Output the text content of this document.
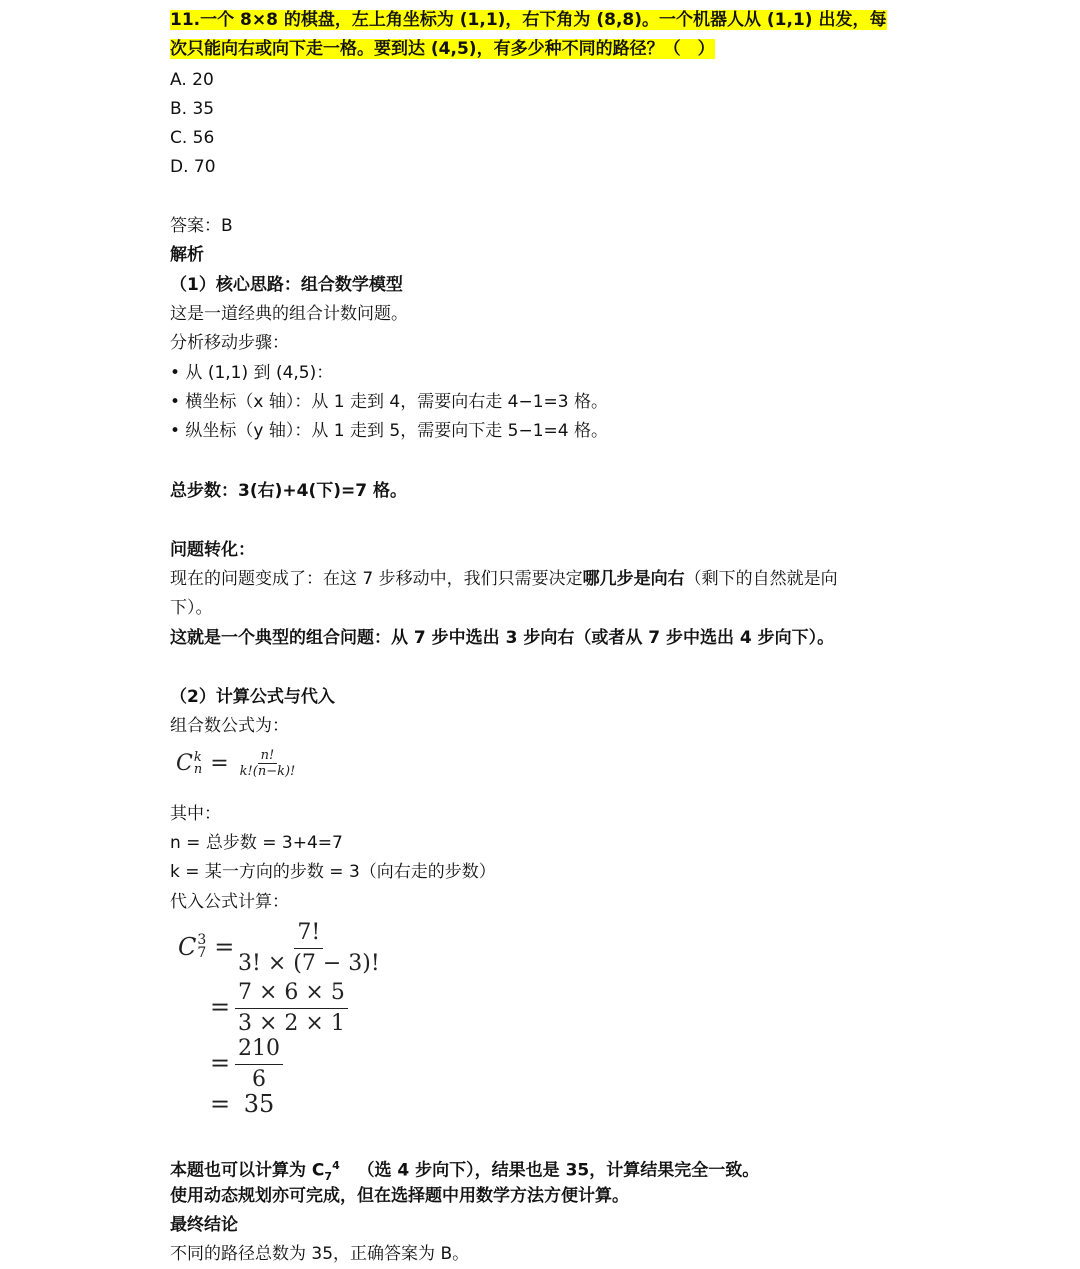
11.一个 8×8 的棋盘，左上角坐标为 (1,1)，右下角为 (8,8)。一个机器人从 (1,1) 出发，每
次只能向右或向下走一格。要到达 (4,5)，有多少种不同的路径？（　）
A. 20
B. 35
C. 56
D. 70
答案：B
解析
（1）核心思路：组合数学模型
这是一道经典的组合计数问题。
分析移动步骤：
• 从 (1,1) 到 (4,5)：
• 横坐标（x 轴）：从 1 走到 4，需要向右走 4−1=3 格。
• 纵坐标（y 轴）：从 1 走到 5，需要向下走 5−1=4 格。
总步数：3(右)+4(下)=7 格。
问题转化：
现在的问题变成了：在这 7 步移动中，我们只需要决定哪几步是向右（剩下的自然就是向
下）。
这就是一个典型的组合问题：从 7 步中选出 3 步向右（或者从 7 步中选出 4 步向下）。
（2）计算公式与代入
组合数公式为：
C k
$n = \frac{n!}{k!(n-k)!}$
其中：
n = 总步数 = 3+4=7
k = 某一方向的步数 = 3（向右走的步数）
代入公式计算：
C 3
$7 = \frac{7!}{3! \times (7 - 3)!}$
= $\frac{7 \times 6 \times 5}{3 \times 2 \times 1}$
= $\frac{210}{6}$
= 35
本题也可以计算为 $C_7^4$ （选 4 步向下），结果也是 35，计算结果完全一致。
使用动态规划亦可完成，但在选择题中用数学方法方便计算。
最终结论
不同的路径总数为 35，正确答案为 B。
